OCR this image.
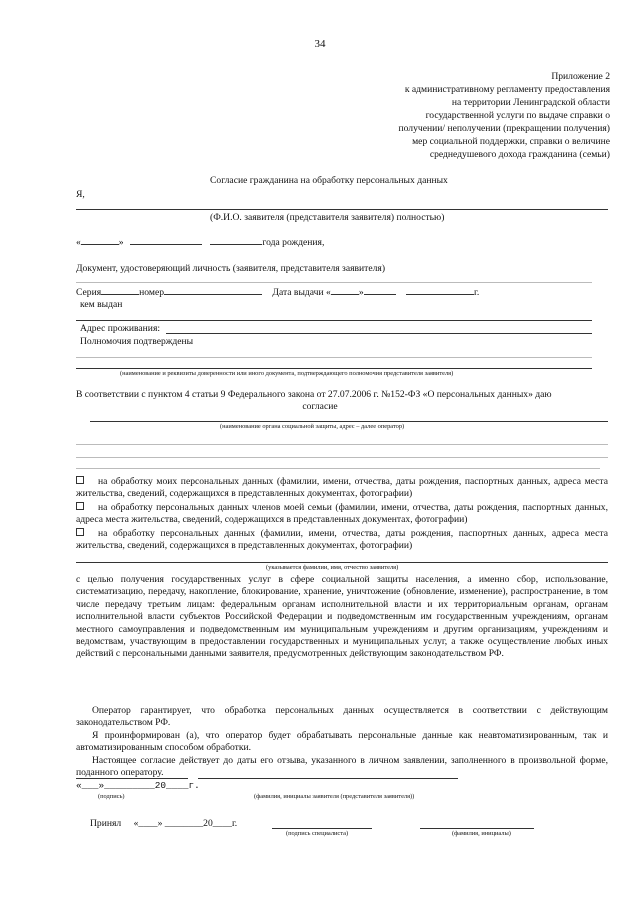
34
Приложение 2
к административному регламенту предоставления
на территории Ленинградской области
государственной услуги по выдаче справки о
получении/ неполучении (прекращении получения)
мер социальной поддержки, справки о величине
среднедушевого дохода гражданина (семьи)
Согласие гражданина на обработку персональных данных
Я,
(Ф.И.О. заявителя (представителя заявителя) полностью)
«	»	года рождения,
Документ, удостоверяющий личность (заявителя, представителя заявителя)
Серия	номер	Дата выдачи «	»	г.
кем выдан
Адрес проживания:
Полномочия подтверждены
(наименование и реквизиты доверенности или иного документа, подтверждающего полномочия представителя заявителя)
В соответствии с пунктом 4 статьи 9 Федерального закона от 27.07.2006 г. №152-ФЗ «О персональных данных» даю
согласие
(наименование органа социальной защиты, адрес – далее оператор)
на обработку моих персональных данных (фамилии, имени, отчества, даты рождения, паспортных данных, адреса места жительства, сведений, содержащихся в представленных документах, фотографии)
на обработку персональных данных членов моей семьи (фамилии, имени, отчества, даты рождения, паспортных данных, адреса места жительства, сведений, содержащихся в представленных документах, фотографии)
на обработку персональных данных (фамилии, имени, отчества, даты рождения, паспортных данных, адреса места жительства, сведений, содержащихся в представленных документах, фотографии)
(указывается фамилии, имя, отчество заявителя)
с целью получения государственных услуг в сфере социальной защиты населения, а именно сбор, использование, систематизацию, передачу, накопление, блокирование, хранение, уничтожение (обновление, изменение), распространение, в том числе передачу третьим лицам: федеральным органам исполнительной власти и их территориальным органам, органам исполнительной власти субъектов Российской Федерации и подведомственным им государственным учреждениям, органам местного самоуправления и подведомственным им муниципальным учреждениям и другим организациям, учреждениям и ведомствам, участвующим в предоставлении государственных и муниципальных услуг, а также осуществление любых иных действий с персональными данными заявителя, предусмотренных действующим законодательством РФ.
Оператор гарантирует, что обработка персональных данных осуществляется в соответствии с действующим законодательством РФ.
Я проинформирован (а), что оператор будет обрабатывать персональные данные как неавтоматизированным, так и автоматизированным способом обработки.
Настоящее согласие действует до даты его отзыва, указанного в личном заявлении, заполненного в произвольной форме, поданного оператору.
«___»_________20____г.
(подпись)	(фамилия, инициалы заявителя (представителя заявителя))
Принял «____» ________20____г.
(подпись специалиста)	(фамилия, инициалы)
